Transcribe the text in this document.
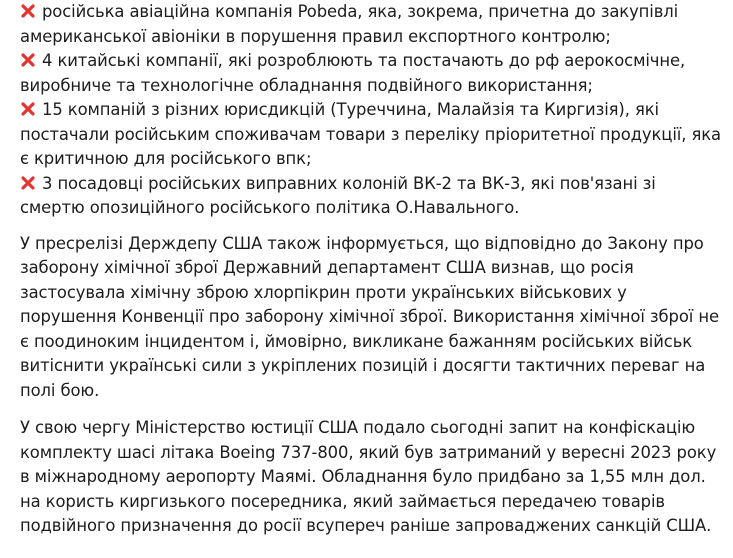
російська авіаційна компанія Pobeda, яка, зокрема, причетна до закупівлі американської авіоніки в порушення правил експортного контролю;
4 китайські компанії, які розроблюють та постачають до рф аерокосмічне, виробниче та технологічне обладнання подвійного використання;
15 компаній з різних юрисдикцій (Туреччина, Малайзія та Киргизія), які постачали російським споживачам товари з переліку пріоритетної продукції, яка є критичною для російського впк;
3 посадовці російських виправних колоній ВК-2 та ВК-3, які пов'язані зі смертю опозиційного російського політика О.Навального.

У пресрелізі Держдепу США також інформується, що відповідно до Закону про заборону хімічної зброї Державний департамент США визнав, що росія застосувала хімічну зброю хлорпікрин проти українських військових у порушення Конвенції про заборону хімічної зброї. Використання хімічної зброї не є поодиноким інцидентом і, ймовірно, викликане бажанням російських військ витіснити українські сили з укріплених позицій і досягти тактичних переваг на полі бою.

У свою чергу Міністерство юстиції США подало сьогодні запит на конфіскацію комплекту шасі літака Boeing 737-800, який був затриманий у вересні 2023 року в міжнародному аеропорту Маямі. Обладнання було придбано за 1,55 млн дол. на користь киргизького посередника, який займається передачею товарів подвійного призначення до росії всупереч раніше запроваджених санкцій США.
